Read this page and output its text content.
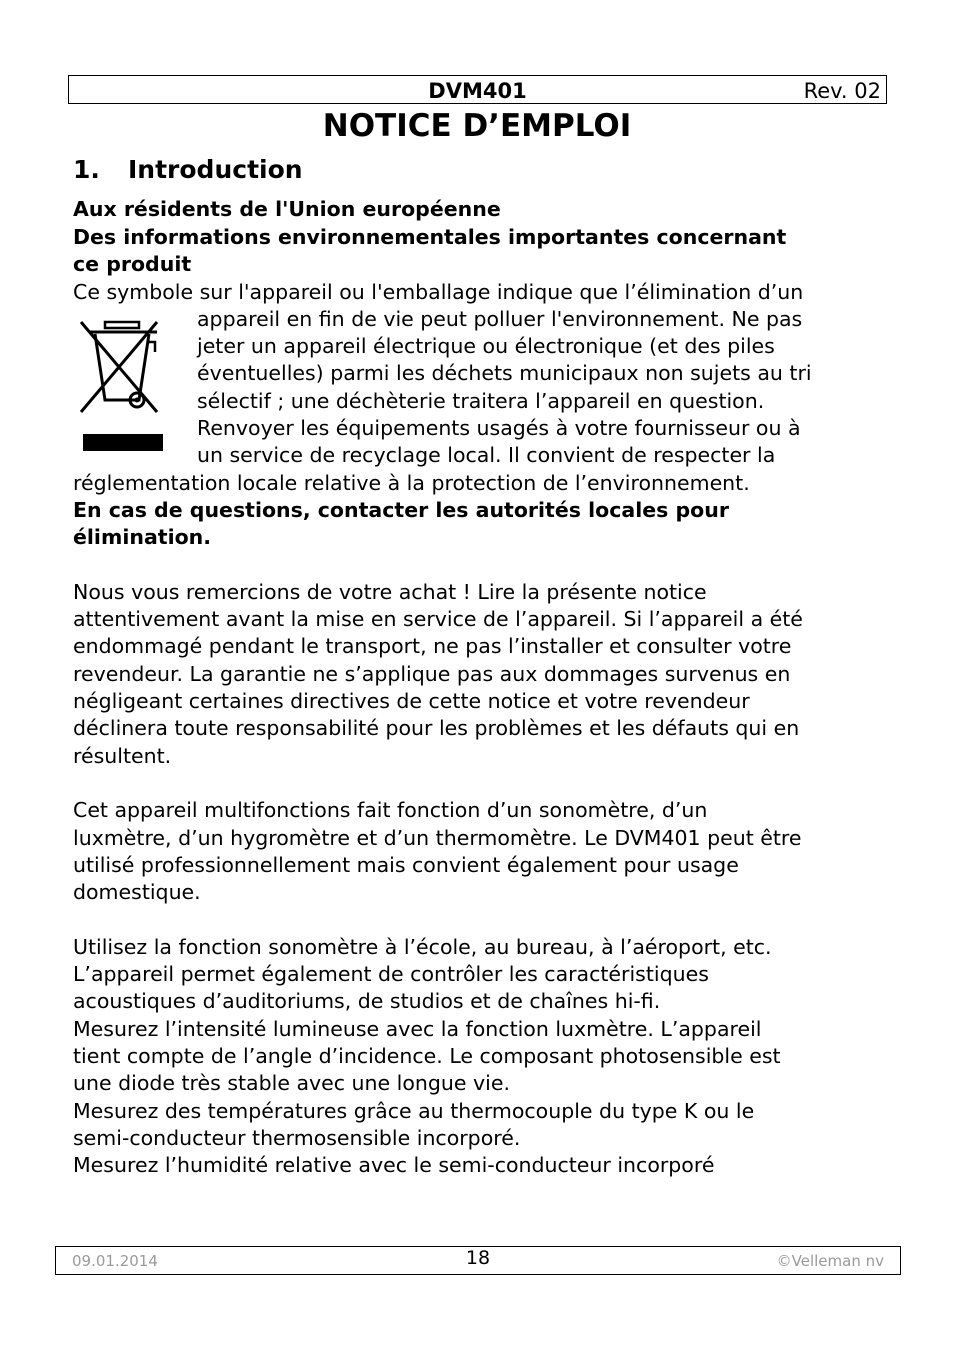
DVM401	Rev. 02
NOTICE D’EMPLOI
1. Introduction

Aux résidents de l'Union européenne

Des informations environnementales importantes concernant

ce produit

Ce symbole sur l'appareil ou l'emballage indique que l’élimination d’un

appareil en fin de vie peut polluer l'environnement. Ne pas

jeter un appareil électrique ou électronique (et des piles

éventuelles) parmi les déchets municipaux non sujets au tri

sélectif ; une déchèterie traitera l’appareil en question.

Renvoyer les équipements usagés à votre fournisseur ou à

un service de recyclage local. Il convient de respecter la

réglementation locale relative à la protection de l’environnement.

En cas de questions, contacter les autorités locales pour

élimination.

Nous vous remercions de votre achat ! Lire la présente notice

attentivement avant la mise en service de l’appareil. Si l’appareil a été

endommagé pendant le transport, ne pas l’installer et consulter votre

revendeur. La garantie ne s’applique pas aux dommages survenus en

négligeant certaines directives de cette notice et votre revendeur

déclinera toute responsabilité pour les problèmes et les défauts qui en

résultent.

Cet appareil multifonctions fait fonction d’un sonomètre, d’un

luxmètre, d’un hygromètre et d’un thermomètre. Le DVM401 peut être

utilisé professionnellement mais convient également pour usage

domestique.

Utilisez la fonction sonomètre à l’école, au bureau, à l’aéroport, etc.

L’appareil permet également de contrôler les caractéristiques

acoustiques d’auditoriums, de studios et de chaînes hi-fi.

Mesurez l’intensité lumineuse avec la fonction luxmètre. L’appareil

tient compte de l’angle d’incidence. Le composant photosensible est

une diode très stable avec une longue vie.

Mesurez des températures grâce au thermocouple du type K ou le

semi-conducteur thermosensible incorporé.

Mesurez l’humidité relative avec le semi-conducteur incorporé

09.01.2014	18	©Velleman nv
